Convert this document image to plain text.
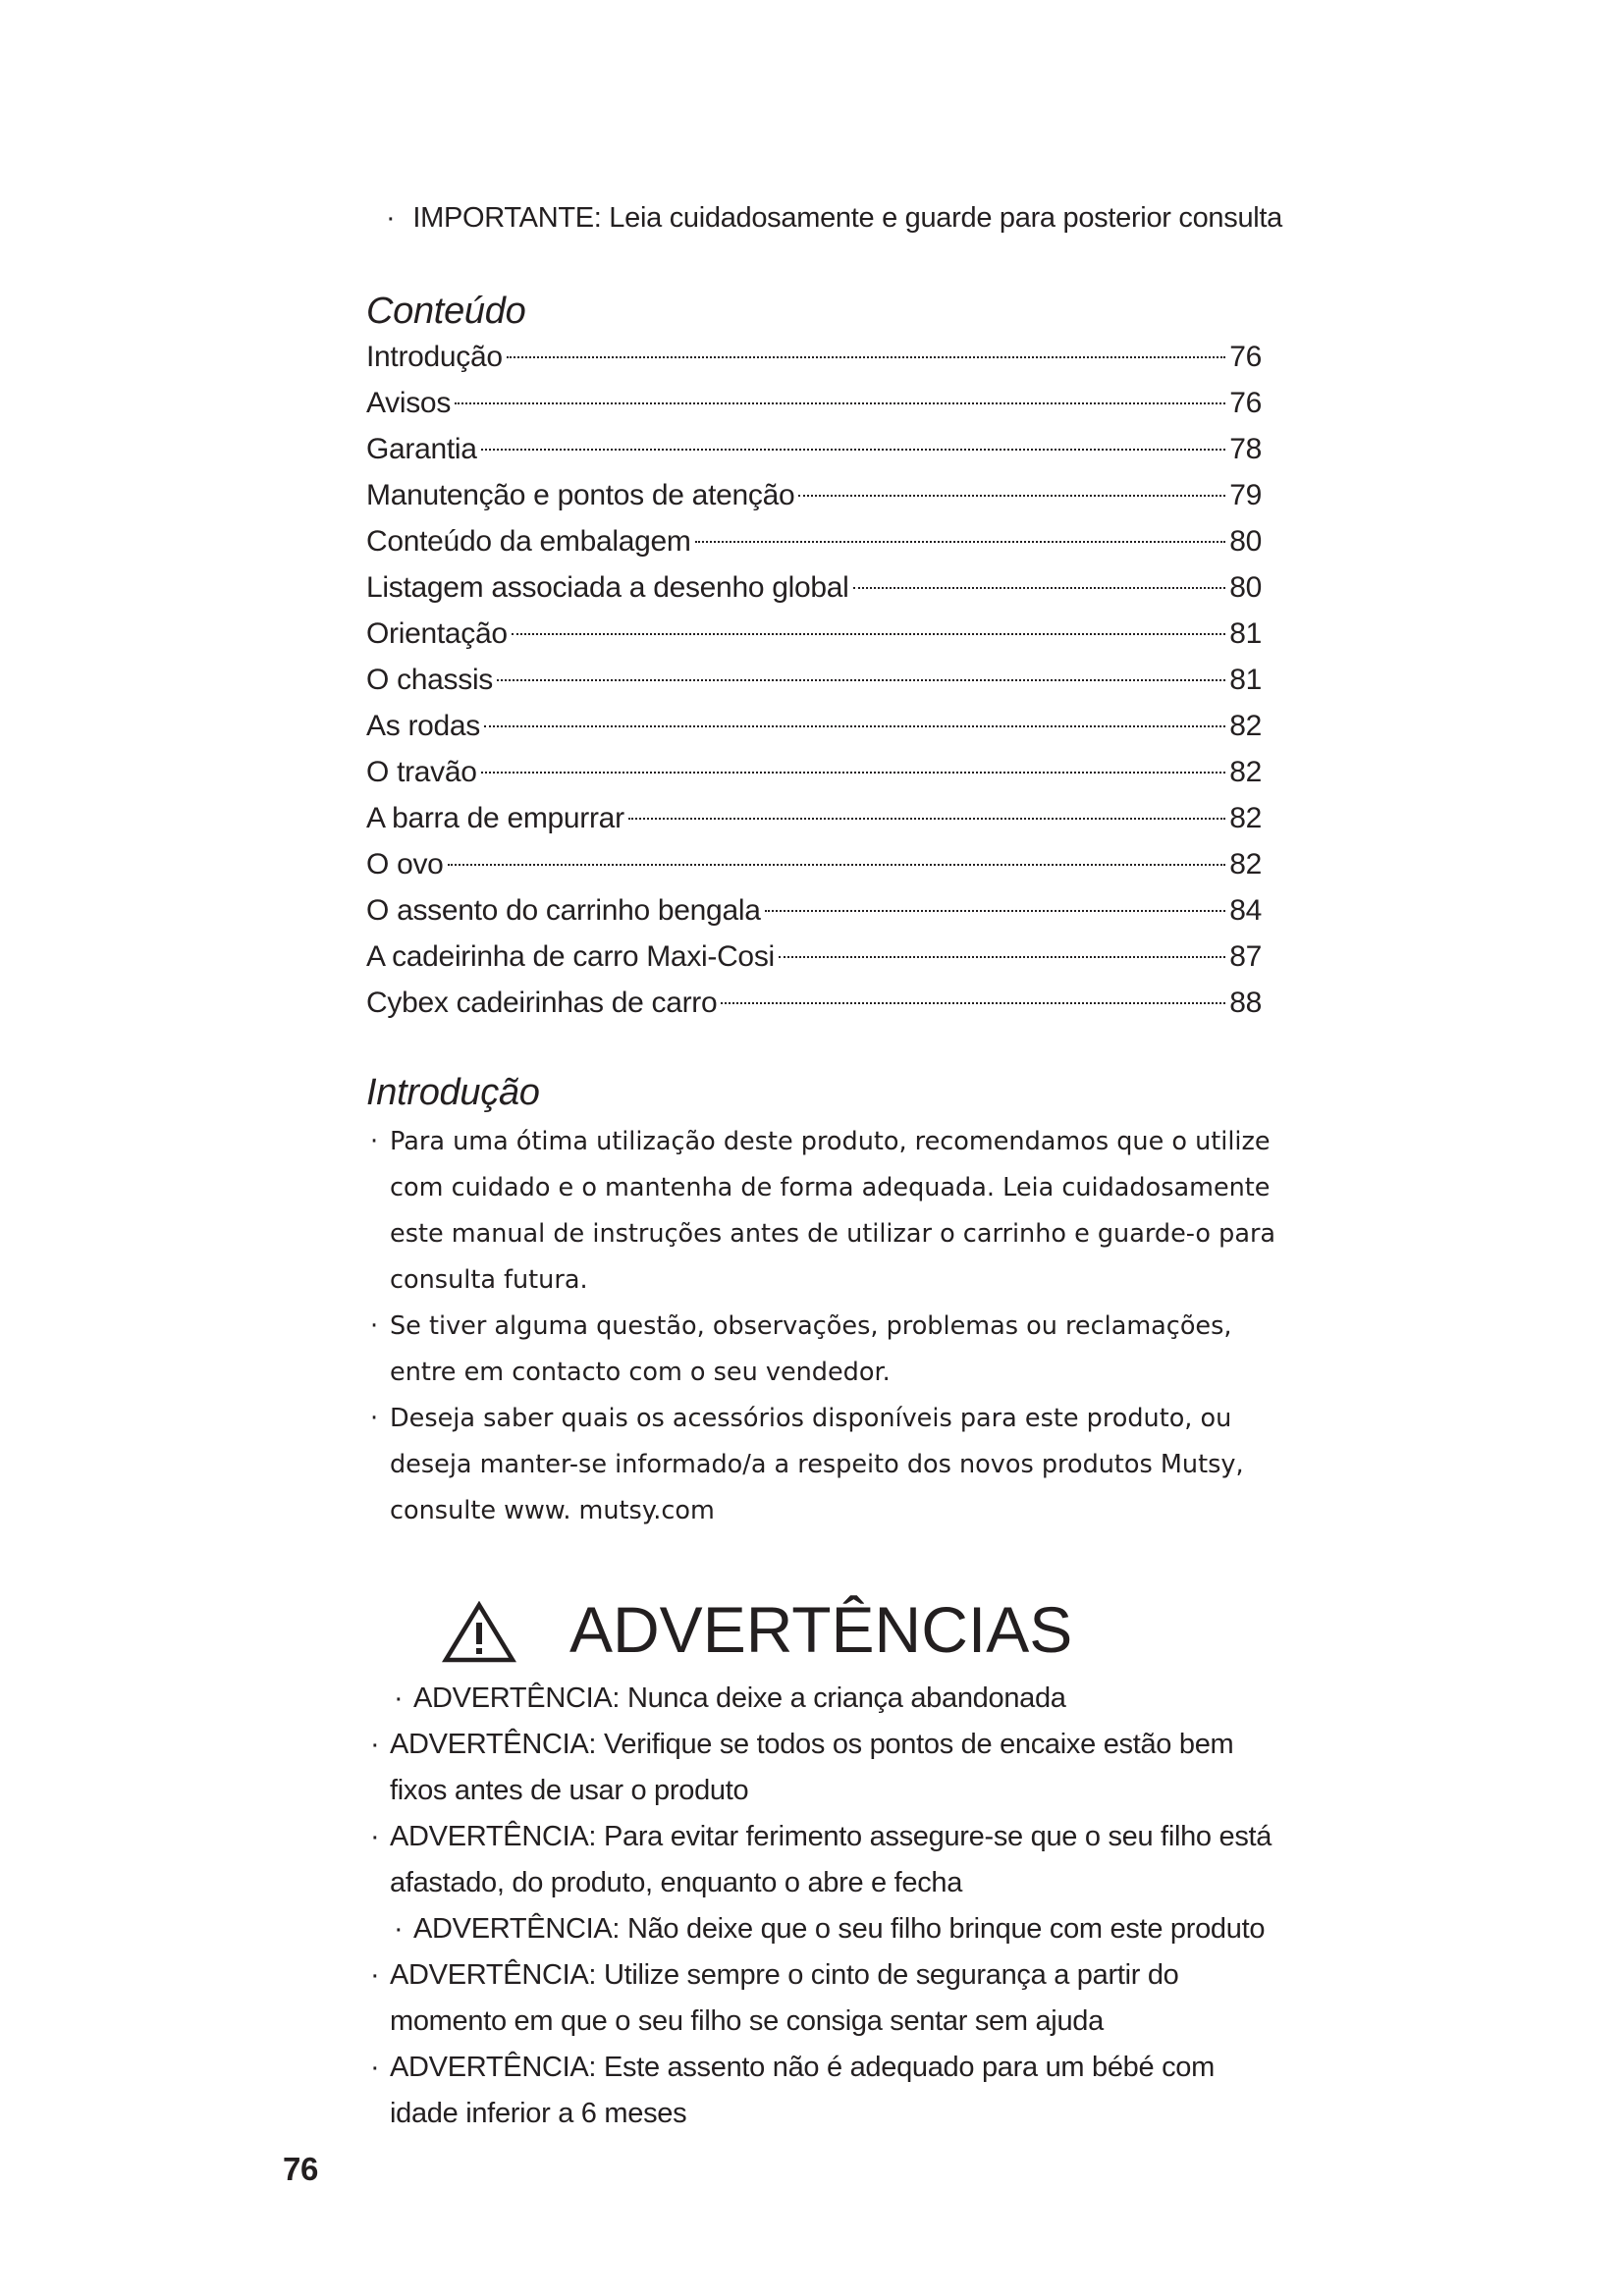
· IMPORTANTE: Leia cuidadosamente e guarde para posterior consulta
Conteúdo
Introdução	76
Avisos	76
Garantia	78
Manutenção e pontos de atenção	79
Conteúdo da embalagem	80
Listagem associada a desenho global	80
Orientação	81
O chassis	81
As rodas	82
O travão	82
A barra de empurrar	82
O ovo	82
O assento do carrinho bengala	84
A cadeirinha de carro Maxi-Cosi	87
Cybex cadeirinhas de carro	88
Introdução
· Para uma ótima utilização deste produto, recomendamos que o utilize com cuidado e o mantenha de forma adequada. Leia cuidadosamente este manual de instruções antes de utilizar o carrinho e guarde-o para consulta futura.
· Se tiver alguma questão, observações, problemas ou reclamações, entre em contacto com o seu vendedor.
· Deseja saber quais os acessórios disponíveis para este produto, ou deseja manter-se informado/a a respeito dos novos produtos Mutsy, consulte www. mutsy.com
ADVERTÊNCIAS
· ADVERTÊNCIA: Nunca deixe a criança abandonada
· ADVERTÊNCIA: Verifique se todos os pontos de encaixe estão bem fixos antes de usar o produto
· ADVERTÊNCIA: Para evitar ferimento assegure-se que o seu filho está afastado, do produto, enquanto o abre e fecha
· ADVERTÊNCIA: Não deixe que o seu filho brinque com este produto
· ADVERTÊNCIA: Utilize sempre o cinto de segurança a partir do momento em que o seu filho se consiga sentar sem ajuda
· ADVERTÊNCIA: Este assento não é adequado para um bébé com idade inferior a 6 meses
76
